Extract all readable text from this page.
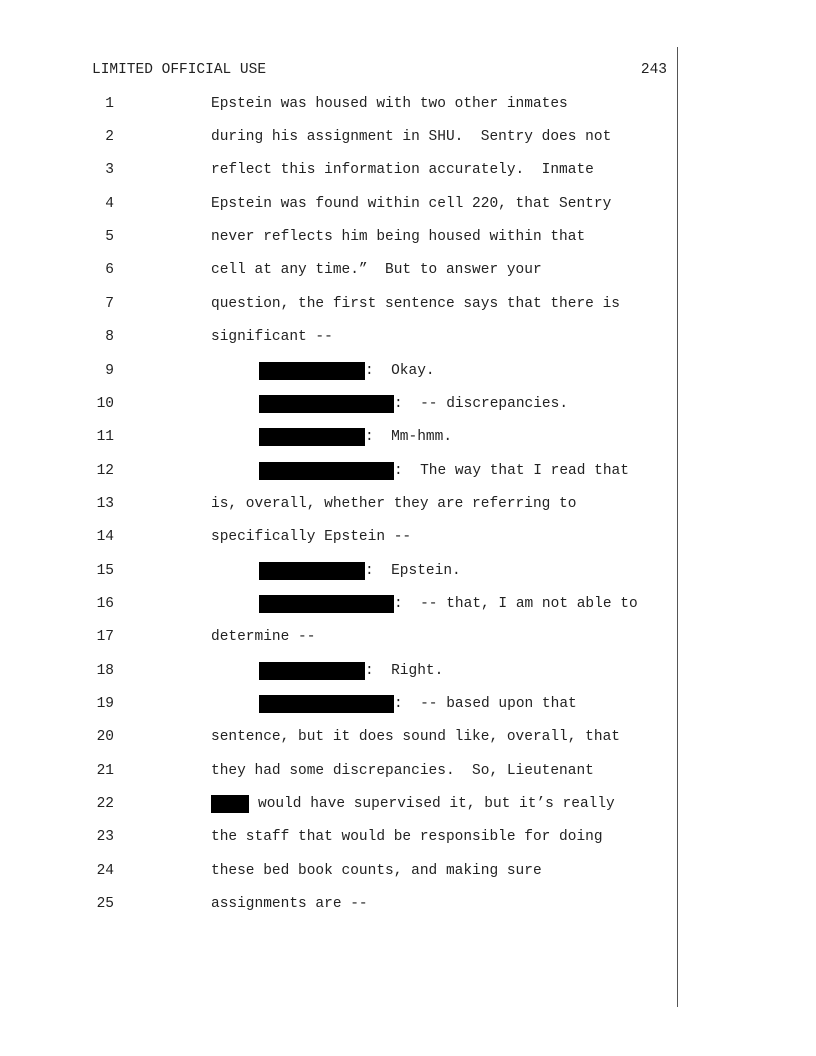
LIMITED OFFICIAL USE	243
1	Epstein was housed with two other inmates
2	during his assignment in SHU.  Sentry does not
3	reflect this information accurately.  Inmate
4	Epstein was found within cell 220, that Sentry
5	never reflects him being housed within that
6	cell at any time.”  But to answer your
7	question, the first sentence says that there is
8	significant --
9	:  Okay.
10	:  -- discrepancies.
11	:  Mm-hmm.
12	:  The way that I read that
13	is, overall, whether they are referring to
14	specifically Epstein --
15	:  Epstein.
16	:  -- that, I am not able to
17	determine --
18	:  Right.
19	:  -- based upon that
20	sentence, but it does sound like, overall, that
21	they had some discrepancies.  So, Lieutenant
22	would have supervised it, but it’s really
23	the staff that would be responsible for doing
24	these bed book counts, and making sure
25	assignments are --
